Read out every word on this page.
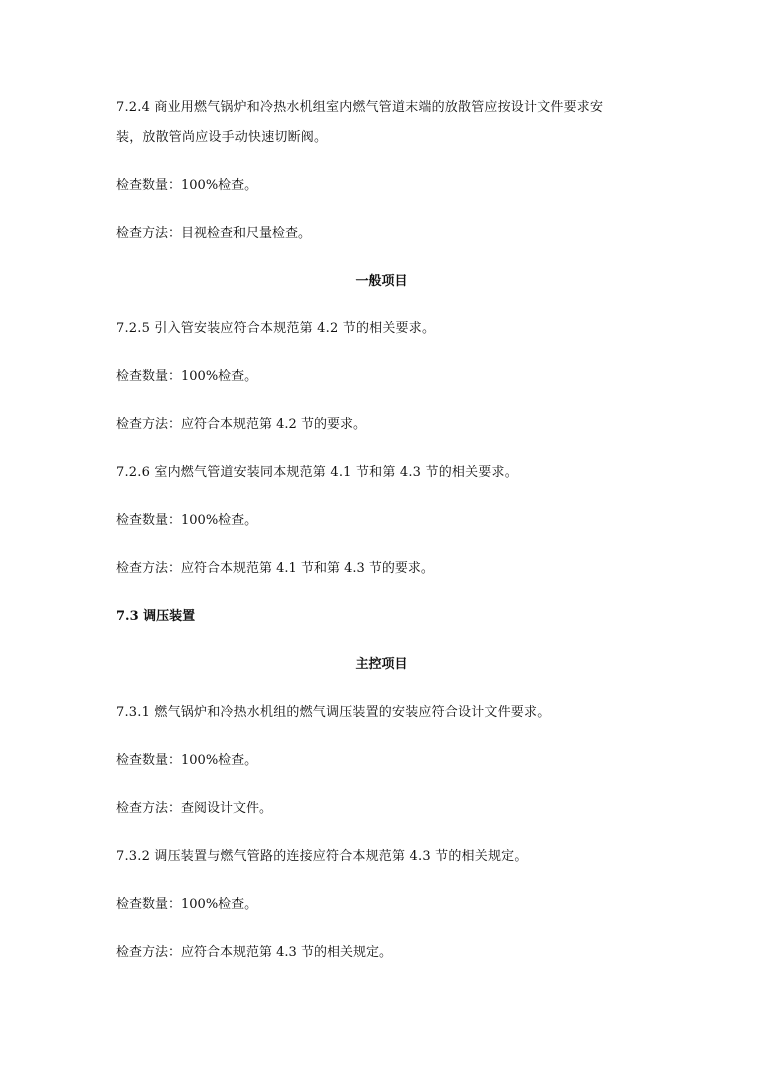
7.2.4 商业用燃气锅炉和冷热水机组室内燃气管道末端的放散管应按设计文件要求安
装，放散管尚应设手动快速切断阀。
检查数量：100%检查。
检查方法：目视检查和尺量检查。
一般项目
7.2.5 引入管安装应符合本规范第 4.2 节的相关要求。
检查数量：100%检查。
检查方法：应符合本规范第 4.2 节的要求。
7.2.6 室内燃气管道安装同本规范第 4.1 节和第 4.3 节的相关要求。
检查数量：100%检查。
检查方法：应符合本规范第 4.1 节和第 4.3 节的要求。
7.3 调压装置
主控项目
7.3.1 燃气锅炉和冷热水机组的燃气调压装置的安装应符合设计文件要求。
检查数量：100%检查。
检查方法：查阅设计文件。
7.3.2 调压装置与燃气管路的连接应符合本规范第 4.3 节的相关规定。
检查数量：100%检查。
检查方法：应符合本规范第 4.3 节的相关规定。
